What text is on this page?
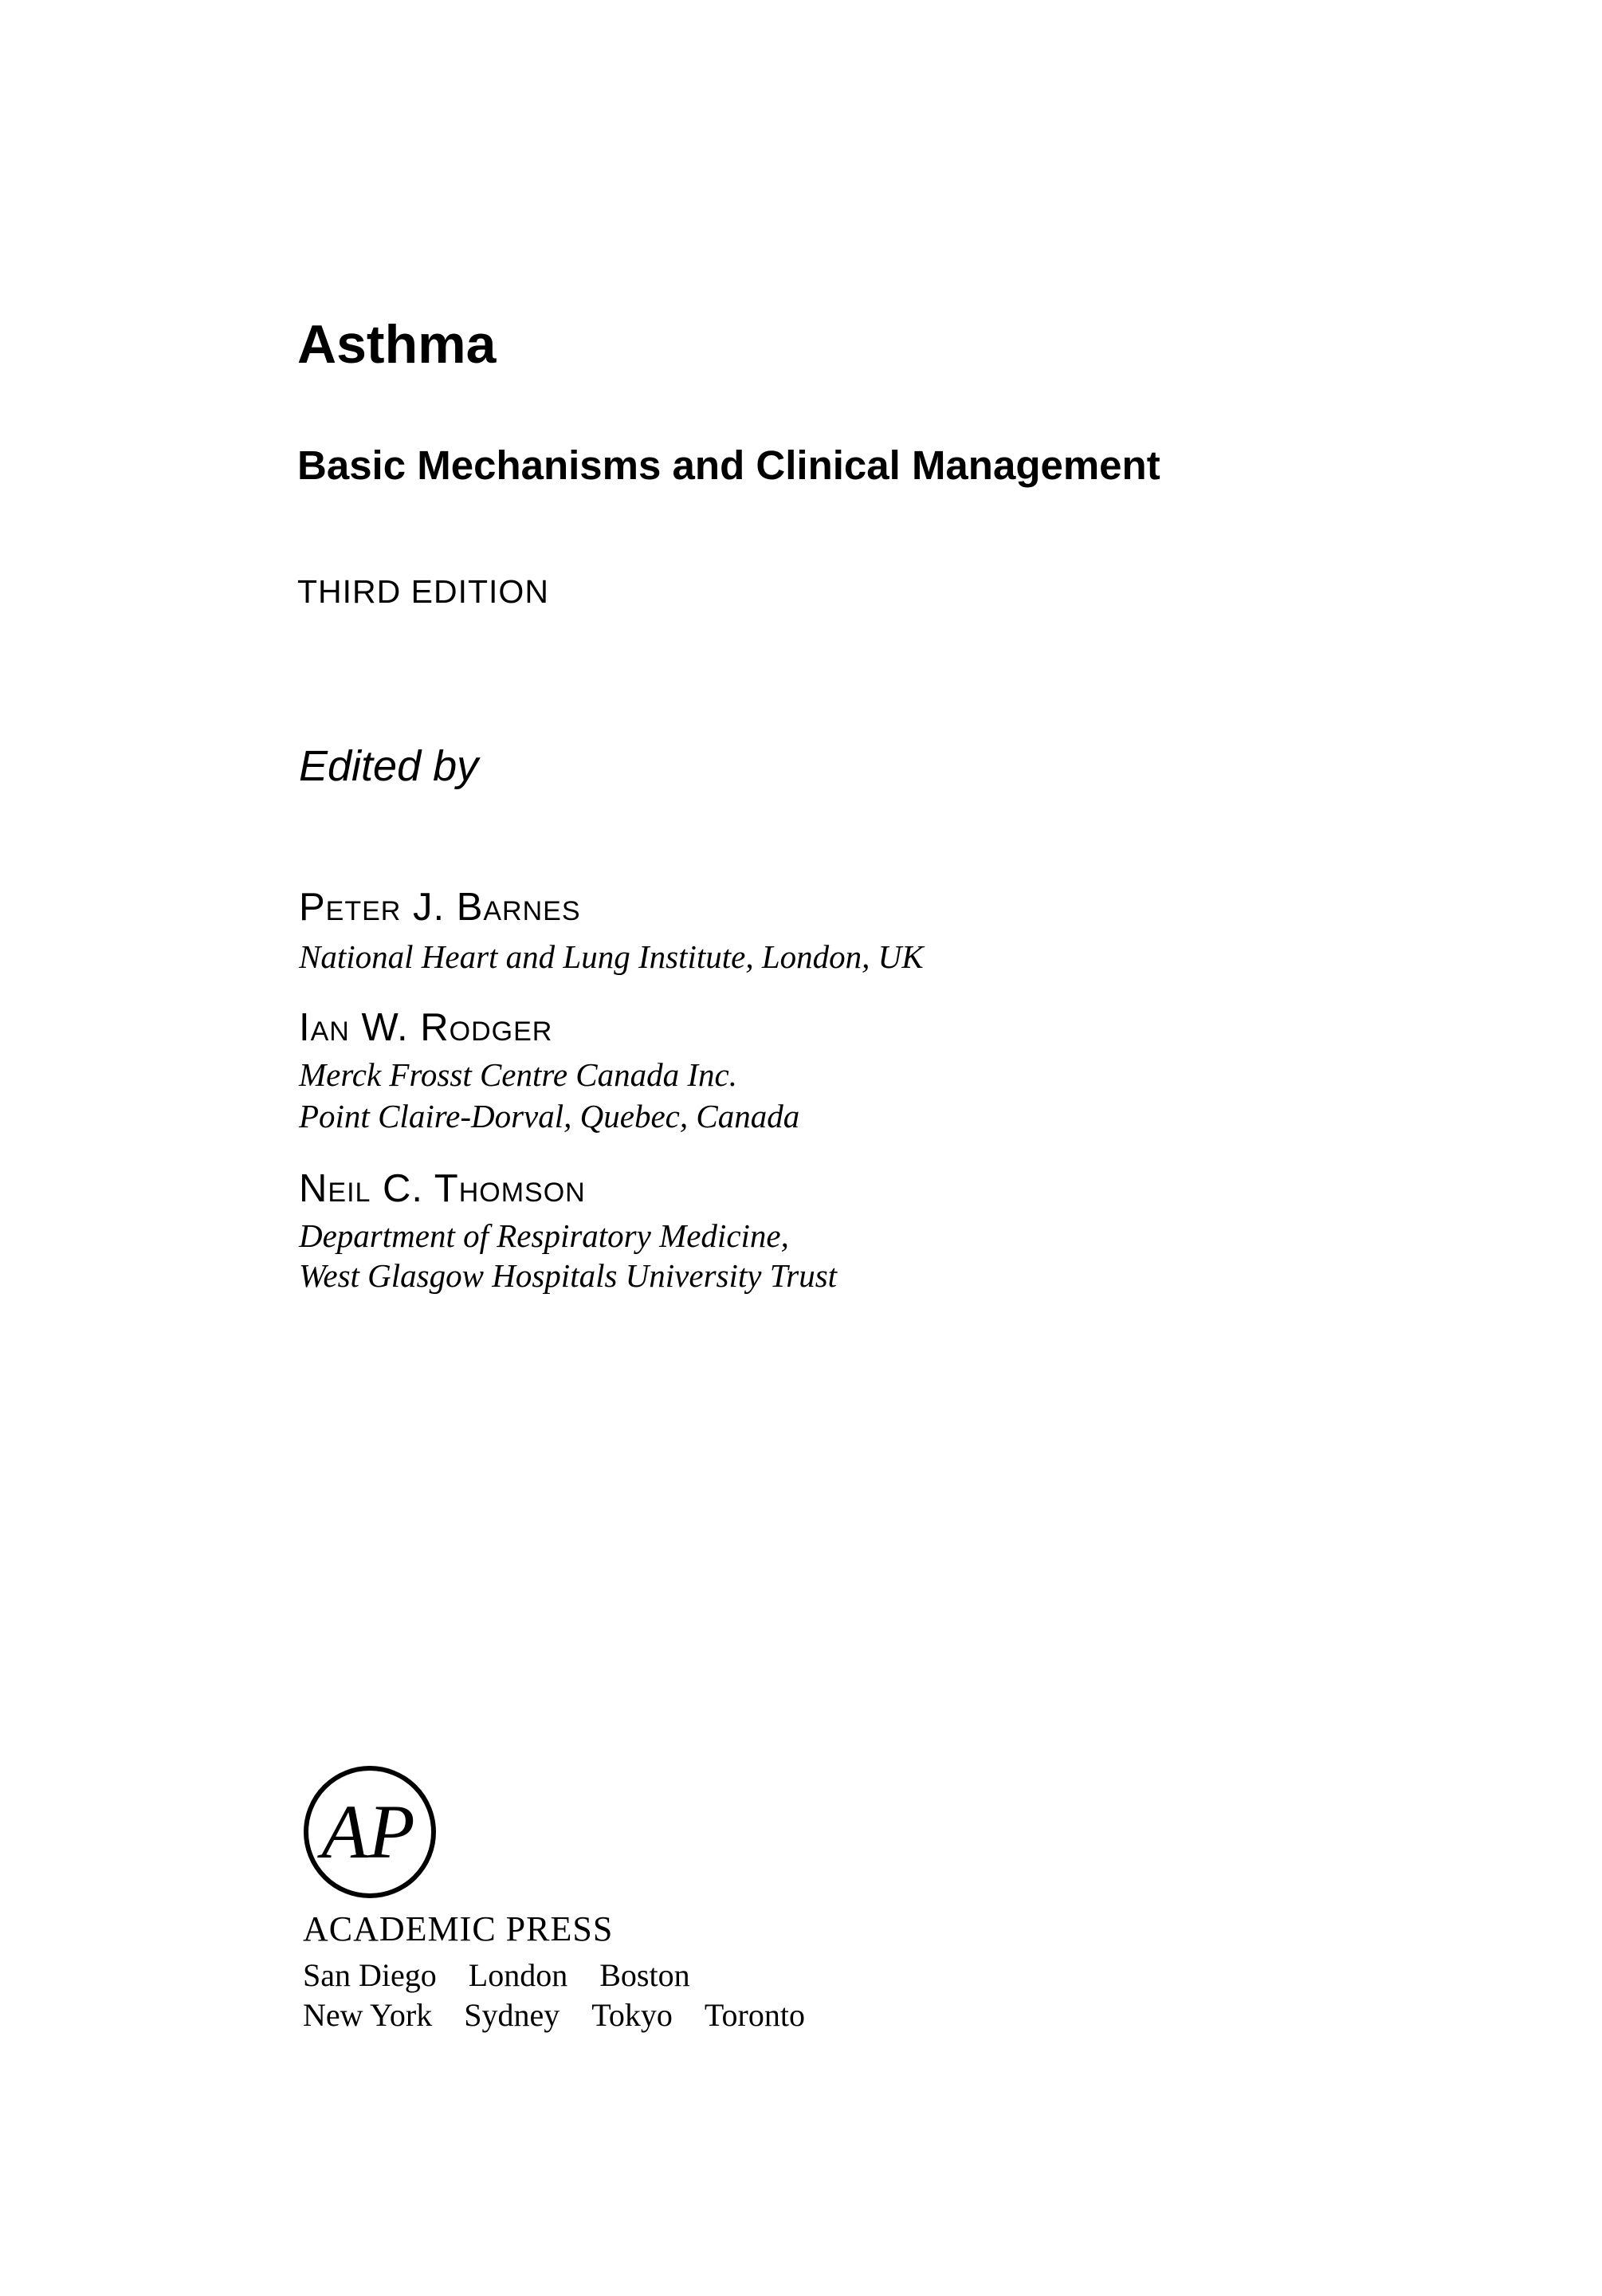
Asthma
Basic Mechanisms and Clinical Management
THIRD EDITION
Edited by
Peter J. Barnes
National Heart and Lung Institute, London, UK
Ian W. Rodger
Merck Frosst Centre Canada Inc.
Point Claire-Dorval, Quebec, Canada
Neil C. Thomson
Department of Respiratory Medicine,
West Glasgow Hospitals University Trust
AP
ACADEMIC PRESS
San Diego London Boston
New York Sydney Tokyo Toronto
